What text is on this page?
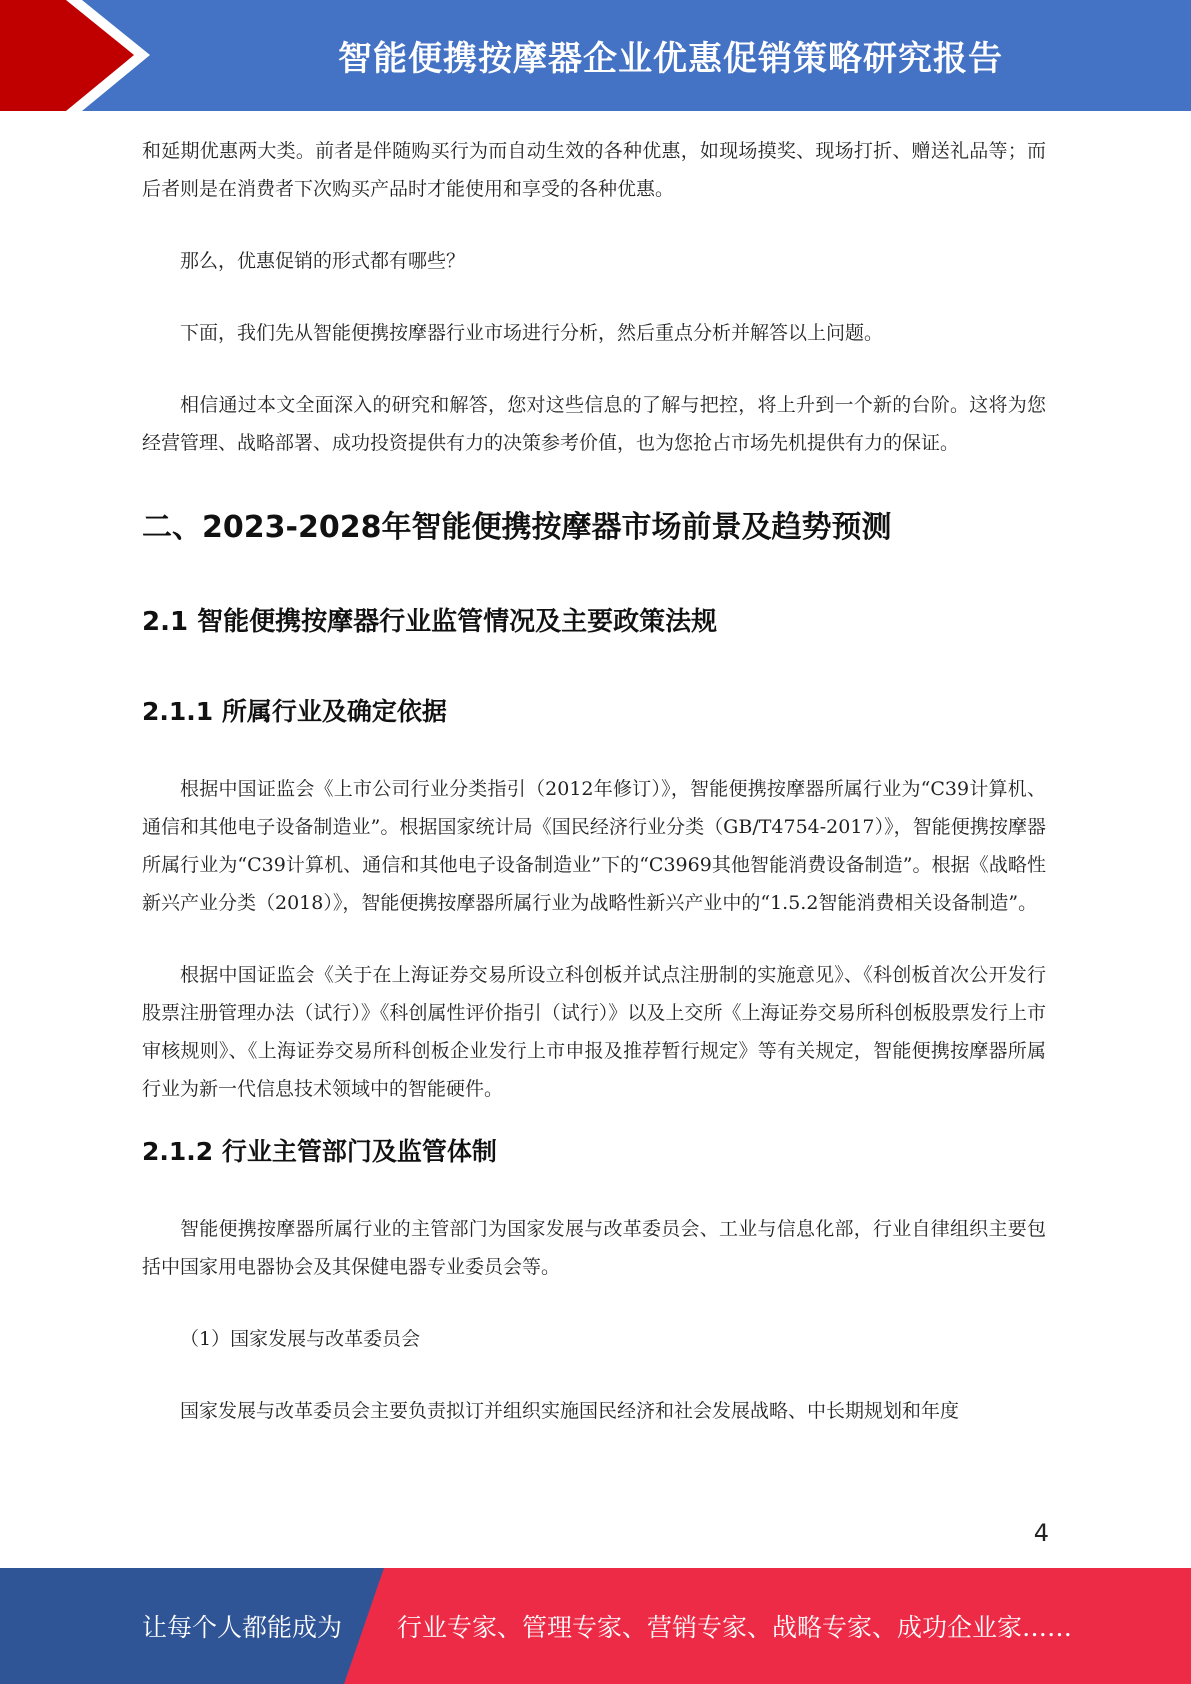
智能便携按摩器企业优惠促销策略研究报告

和延期优惠两大类。前者是伴随购买行为而自动生效的各种优惠，如现场摸奖、现场打折、赠送礼品等；而后者则是在消费者下次购买产品时才能使用和享受的各种优惠。

那么，优惠促销的形式都有哪些？

下面，我们先从智能便携按摩器行业市场进行分析，然后重点分析并解答以上问题。

相信通过本文全面深入的研究和解答，您对这些信息的了解与把控，将上升到一个新的台阶。这将为您经营管理、战略部署、成功投资提供有力的决策参考价值，也为您抢占市场先机提供有力的保证。

二、2023-2028年智能便携按摩器市场前景及趋势预测
2.1 智能便携按摩器行业监管情况及主要政策法规
2.1.1 所属行业及确定依据

根据中国证监会《上市公司行业分类指引（2012年修订）》，智能便携按摩器所属行业为“C39计算机、通信和其他电子设备制造业”。根据国家统计局《国民经济行业分类（GB/T4754-2017）》，智能便携按摩器所属行业为“C39计算机、通信和其他电子设备制造业”下的“C3969其他智能消费设备制造”。根据《战略性新兴产业分类（2018）》，智能便携按摩器所属行业为战略性新兴产业中的“1.5.2智能消费相关设备制造”。

根据中国证监会《关于在上海证券交易所设立科创板并试点注册制的实施意见》、《科创板首次公开发行股票注册管理办法（试行）》《科创属性评价指引（试行）》以及上交所《上海证券交易所科创板股票发行上市审核规则》、《上海证券交易所科创板企业发行上市申报及推荐暂行规定》等有关规定，智能便携按摩器所属行业为新一代信息技术领域中的智能硬件。

2.1.2 行业主管部门及监管体制

智能便携按摩器所属行业的主管部门为国家发展与改革委员会、工业与信息化部，行业自律组织主要包括中国家用电器协会及其保健电器专业委员会等。

（1）国家发展与改革委员会

国家发展与改革委员会主要负责拟订并组织实施国民经济和社会发展战略、中长期规划和年度

4
让每个人都能成为 行业专家、管理专家、营销专家、战略专家、成功企业家……
